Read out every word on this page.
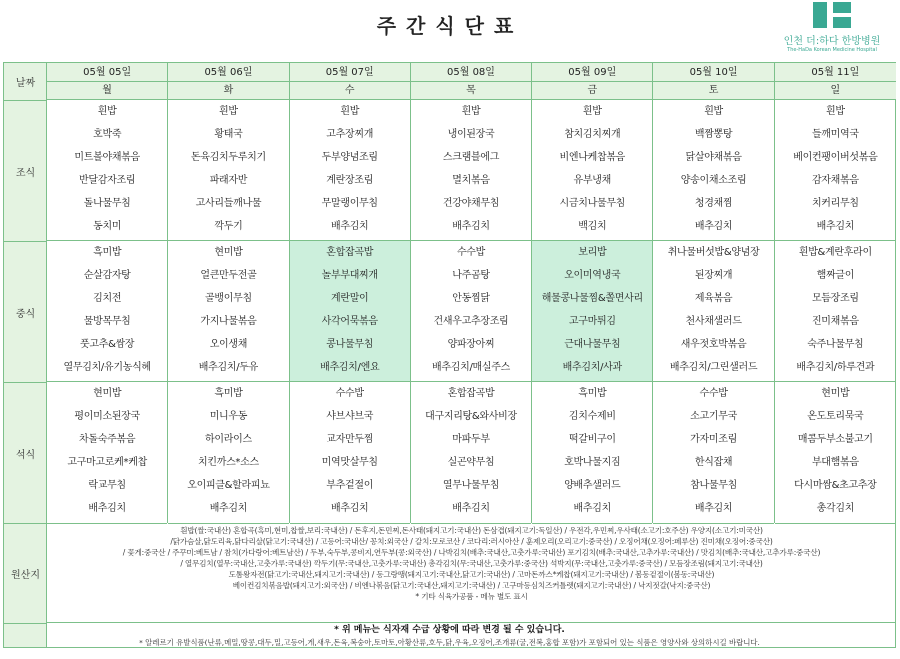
주간식단표
인천 더:하다 한방병원
The-HaDa Korean Medicine Hospital
날짜
조식
중식
석식
원산지
05월 05일
월
흰밥
호박죽
미트볼야채볶음
반달감자조림
돌나물무침
동치미
흑미밥
순살감자탕
김치전
물방목무침
풋고추&쌈장
열무김치/유기농식혜
현미밥
평이미소된장국
차돌숙주볶음
고구마고로케*케찹
락교무침
배추김치
05월 06일
화
흰밥
황태국
돈육김치두루치기
파래자반
고사리들깨나물
깍두기
현미밥
얼큰만두전골
골뱅이무침
가지나물볶음
오이생채
배추김치/두유
흑미밥
미니우동
하이라이스
치킨까스*소스
오이피클&할라피뇨
배추김치
05월 07일
수
흰밥
고추장찌개
두부양념조림
계란장조림
무말랭이무침
배추김치
혼합잡곡밥
놀부부대찌개
계란말이
사각어묵볶음
콩나물무침
배추김치/엔요
수수밥
샤브샤브국
교자만두찜
미역맛살무침
부추겉절이
배추김치
05월 08일
목
흰밥
냉이된장국
스크램블에그
멸치볶음
건강야채무침
배추김치
수수밥
나주곰탕
안동찜닭
건새우고추장조림
양파장아찌
배추김치/매실주스
혼합잡곡밥
대구지리탕&와사비장
마파두부
실곤약무침
열무나물무침
배추김치
05월 09일
금
흰밥
참치김치찌개
비엔나케찹볶음
유부냉채
시금치나물무침
백김치
보리밥
오이미역냉국
해물콩나물찜&쫄면사리
고구마튀김
근대나물무침
배추김치/사과
흑미밥
김치수제비
떡갈비구이
호박나물지짐
양배추샐러드
배추김치
05월 10일
토
흰밥
백짬뽕탕
닭살야채볶음
양송이채소조림
청경채찜
배추김치
취나물버섯밥&양념장
된장찌개
제육볶음
천사채샐러드
새우젓호박볶음
배추김치/그린샐러드
수수밥
소고기무국
가자미조림
한식잡채
참나물무침
배추김치
05월 11일
일
흰밥
들깨미역국
베이컨팽이버섯볶음
감자채볶음
치커리무침
배추김치
흰밥&계란후라이
햄짜글이
모듬장조림
진미채볶음
숙주나물무침
배추김치/하루견과
현미밥
온도토리묵국
매콤두부소불고기
부대햄볶음
다시마쌈&초고추장
총각김치
흰밥(쌀:국내산) 혼합곡(흑미,현미,찹쌀,보리:국내산) / 돈후지,돈민찌,돈사태(돼지고기:국내산) 돈삼겹(돼지고기:독일산) / 우전각,우민찌,우사태(소고기:호주산) 우양지(소고기:미국산)
/닭가슴살,닭도리육,닭다리살(닭고기:국내산) / 고등어:국내산/ 꽁치:외국산 / 갈치:모로코산 / 코다리:러시아산 / 훈제오리(오리고기:중국산) / 오징어채(오징어:페루산) 진미채(오징어:중국산)
/ 꽃게:중국산 / 주꾸미:베트남 / 참치(가다랑어:베트남산) / 두부,숙두부,콩비지,연두부(콩:외국산) / 나박김치(배추:국내산,고춧가루:국내산) 포기김치(배추:국내산,고추가루:국내산) / 맛김치(배추:국내산,고추가루:중국산)
/ 열무김치(열무:국내산,고춧가루:국내산) 깍두기(무:국내산,고춧가루:국내산) 총각김치(무:국내산,고춧가루:중국산) 석박지(무:국내산,고춧가루:중국산) / 모듬장조림(돼지고기:국내산)
도톰왕자전(닭고기:국내산,돼지고기:국내산) / 동그랑땡(돼지고기:국내산,닭고기:국내산) / 고마돈까스*케찹(돼지고기:국내산) / 봄동겉절이(봄동:국내산)
베이컨김치볶음밥(돼지고기:외국산) / 비엔나볶음(닭고기:국내산,돼지고기:국내산) / 고구마등심치즈커틀렛(돼지고기:국내산) / 낙지젓갈(낙지:중국산)
* 기타 식육가공품 - 메뉴 별도 표시
* 위 메뉴는 식자재 수급 상황에 따라 변경 될 수 있습니다.
* 알레르기 유발식품(난류,메밀,땅콩,대두,밀,고등어,게,새우,돈육,복숭아,토마토,아황산류,호두,닭,우육,오징어,조개류(굴,전복,홍합 포함)가 포함되어 있는 식품은 영양사와 상의하시길 바랍니다.
